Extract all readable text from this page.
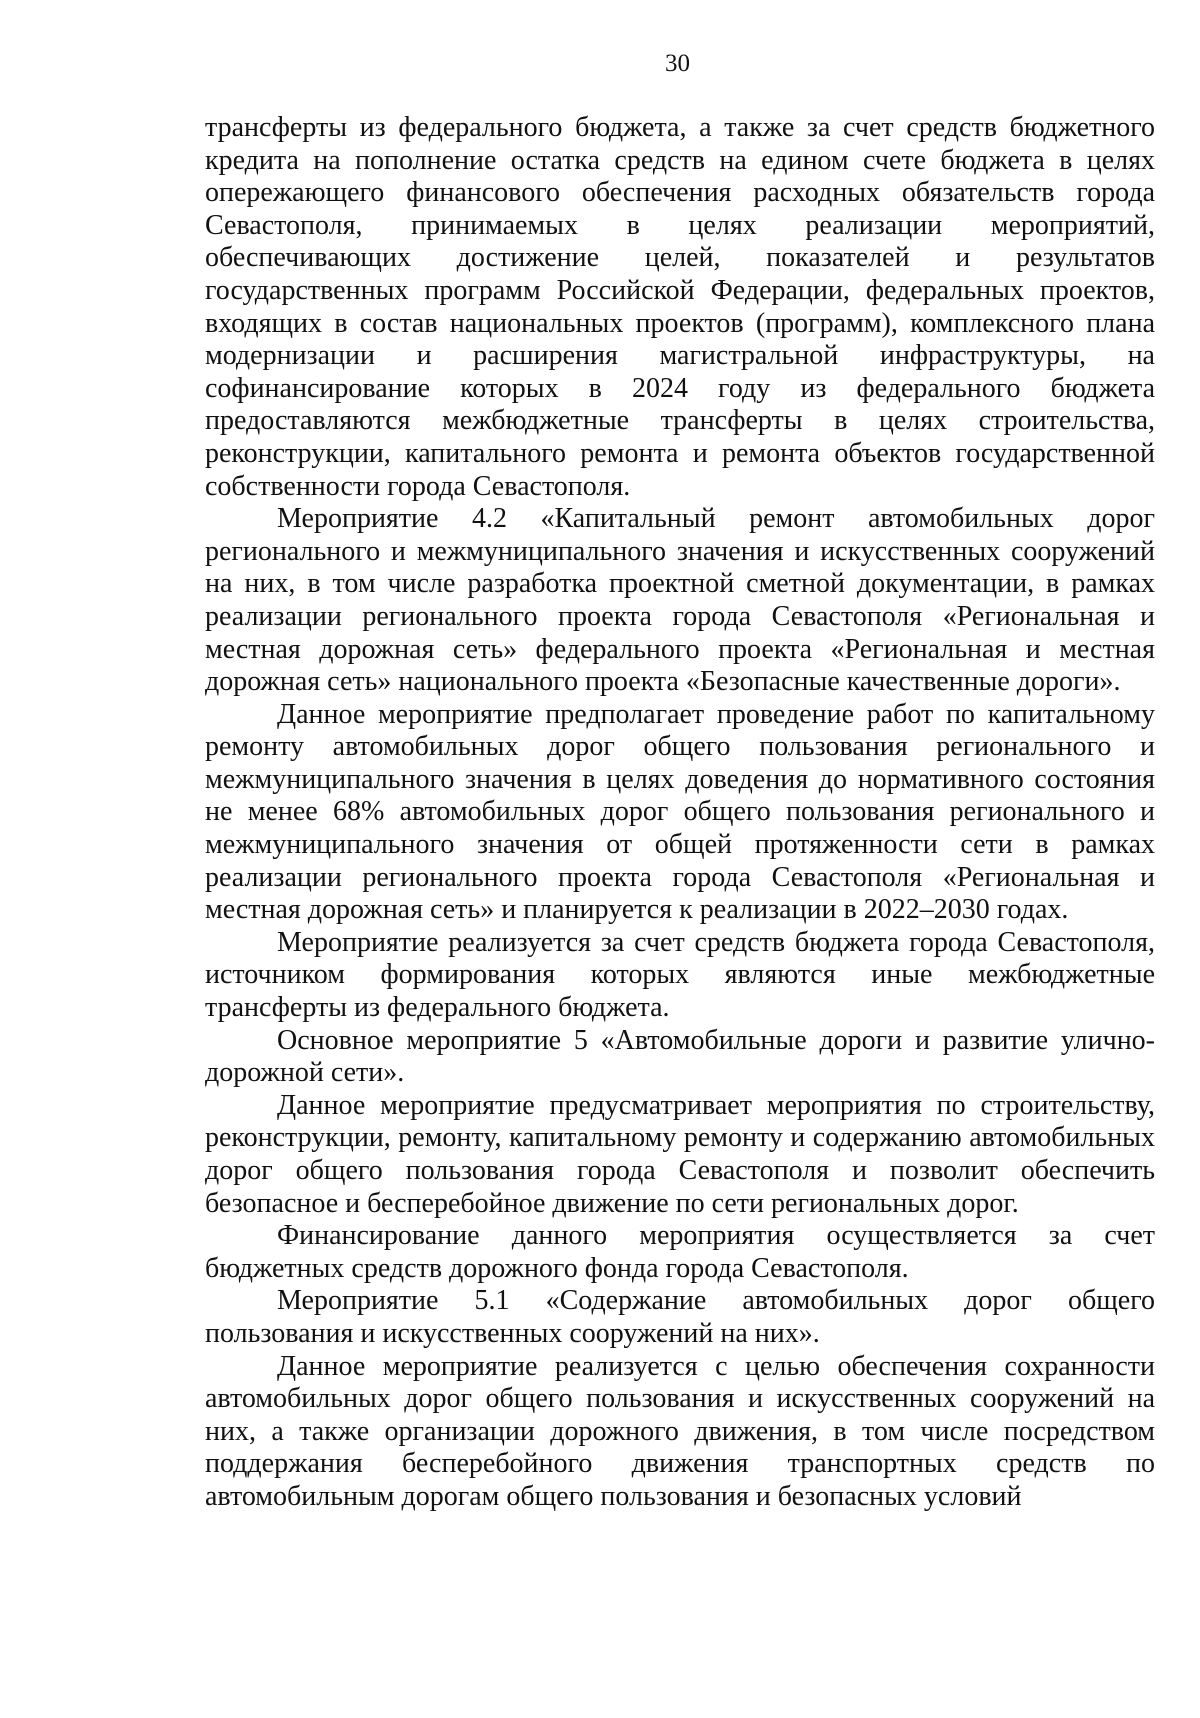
30

трансферты из федерального бюджета, а также за счет средств бюджетного кредита на пополнение остатка средств на едином счете бюджета в целях опережающего финансового обеспечения расходных обязательств города Севастополя, принимаемых в целях реализации мероприятий, обеспечивающих достижение целей, показателей и результатов государственных программ Российской Федерации, федеральных проектов, входящих в состав национальных проектов (программ), комплексного плана модернизации и расширения магистральной инфраструктуры, на софинансирование которых в 2024 году из федерального бюджета предоставляются межбюджетные трансферты в целях строительства, реконструкции, капитального ремонта и ремонта объектов государственной собственности города Севастополя.

Мероприятие 4.2 «Капитальный ремонт автомобильных дорог регионального и межмуниципального значения и искусственных сооружений на них, в том числе разработка проектной сметной документации, в рамках реализации регионального проекта города Севастополя «Региональная и местная дорожная сеть» федерального проекта «Региональная и местная дорожная сеть» национального проекта «Безопасные качественные дороги».

Данное мероприятие предполагает проведение работ по капитальному ремонту автомобильных дорог общего пользования регионального и межмуниципального значения в целях доведения до нормативного состояния не менее 68% автомобильных дорог общего пользования регионального и межмуниципального значения от общей протяженности сети в рамках реализации регионального проекта города Севастополя «Региональная и местная дорожная сеть» и планируется к реализации в 2022–2030 годах.

Мероприятие реализуется за счет средств бюджета города Севастополя, источником формирования которых являются иные межбюджетные трансферты из федерального бюджета.

Основное мероприятие 5 «Автомобильные дороги и развитие улично-дорожной сети».

Данное мероприятие предусматривает мероприятия по строительству, реконструкции, ремонту, капитальному ремонту и содержанию автомобильных дорог общего пользования города Севастополя и позволит обеспечить безопасное и бесперебойное движение по сети региональных дорог.

Финансирование данного мероприятия осуществляется за счет бюджетных средств дорожного фонда города Севастополя.

Мероприятие 5.1 «Содержание автомобильных дорог общего пользования и искусственных сооружений на них».

Данное мероприятие реализуется с целью обеспечения сохранности автомобильных дорог общего пользования и искусственных сооружений на них, а также организации дорожного движения, в том числе посредством поддержания бесперебойного движения транспортных средств по автомобильным дорогам общего пользования и безопасных условий
